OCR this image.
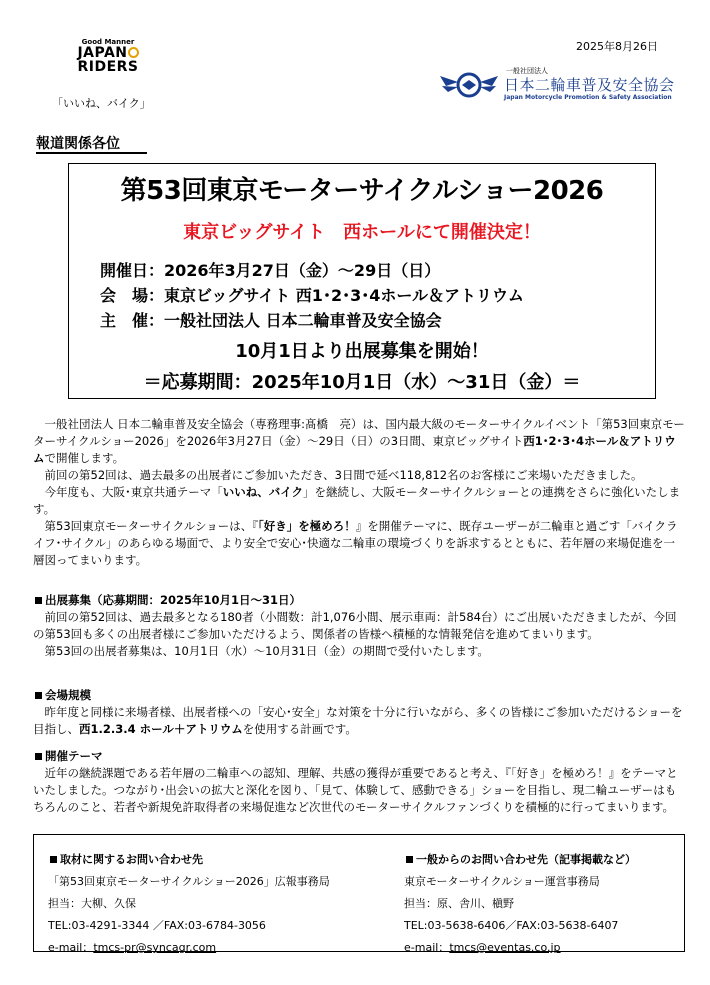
Good Manner
JAPAN
RIDERS
「いいね、バイク」
2025年8月26日
一般社団法人
日本二輪車普及安全協会
Japan Motorcycle Promotion & Safety Association
報道関係各位
第53回東京モーターサイクルショー2026
東京ビッグサイト　西ホールにて開催決定！
開催日：2026年3月27日（金）～29日（日）
会　場：東京ビッグサイト 西1･2･3･4ホール＆アトリウム
主　催：一般社団法人 日本二輪車普及安全協会
10月1日より出展募集を開始！
＝応募期間：2025年10月1日（水）～31日（金）＝
　一般社団法人 日本二輪車普及安全協会（専務理事:髙橋　亮）は、国内最大級のモーターサイクルイベント「第53回東京モーターサイクルショー2026」を2026年3月27日（金）～29日（日）の3日間、東京ビッグサイト西1･2･3･4ホール＆アトリウムで開催します。
　前回の第52回は、過去最多の出展者にご参加いただき、3日間で延べ118,812名のお客様にご来場いただきました。
　今年度も、大阪･東京共通テーマ「いいね、バイク」を継続し、大阪モーターサイクルショーとの連携をさらに強化いたします。
　第53回東京モーターサイクルショーは、『「好き」を極めろ！』を開催テーマに、既存ユーザーが二輪車と過ごす「バイクライフ･サイクル」のあらゆる場面で、より安全で安心･快適な二輪車の環境づくりを訴求するとともに、若年層の来場促進を一層図ってまいります。
出展募集（応募期間：2025年10月1日～31日）
　前回の第52回は、過去最多となる180者（小間数：計1,076小間、展示車両：計584台）にご出展いただきましたが、今回の第53回も多くの出展者様にご参加いただけるよう、関係者の皆様へ積極的な情報発信を進めてまいります。
　第53回の出展者募集は、10月1日（水）～10月31日（金）の期間で受付いたします。
会場規模
　昨年度と同様に来場者様、出展者様への「安心･安全」な対策を十分に行いながら、多くの皆様にご参加いただけるショーを目指し、西1.2.3.4 ホール＋アトリウムを使用する計画です。
開催テーマ
　近年の継続課題である若年層の二輪車への認知、理解、共感の獲得が重要であると考え、『「好き」を極めろ！』をテーマといたしました。つながり･出会いの拡大と深化を図り、「見て、体験して、感動できる」ショーを目指し、現二輪ユーザーはもちろんのこと、若者や新規免許取得者の来場促進など次世代のモーターサイクルファンづくりを積極的に行ってまいります。
取材に関するお問い合わせ先
「第53回東京モーターサイクルショー2026」広報事務局
担当：大柳、久保
TEL:03-4291-3344 ／FAX:03-6784-3056
e-mail：tmcs-pr@syncagr.com
一般からのお問い合わせ先（記事掲載など）
東京モーターサイクルショー運営事務局
担当：原、舎川、槇野
TEL:03-5638-6406／FAX:03-5638-6407
e-mail：tmcs@eventas.co.jp
